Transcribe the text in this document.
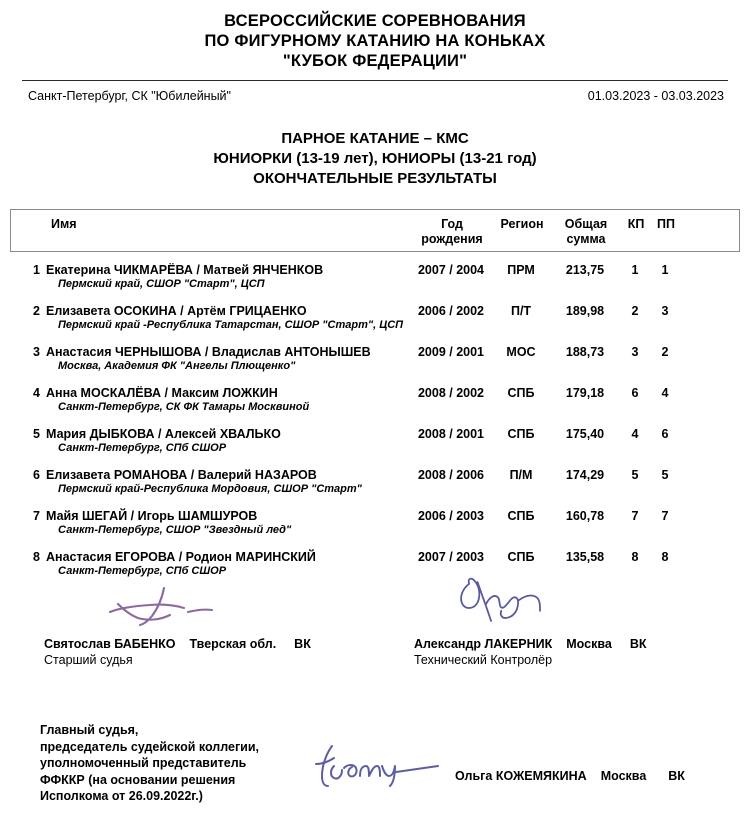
ВСЕРОССИЙСКИЕ СОРЕВНОВАНИЯ
ПО ФИГУРНОМУ КАТАНИЮ НА КОНЬКАХ
"КУБОК ФЕДЕРАЦИИ"
Санкт-Петербург, СК "Юбилейный"	01.03.2023 - 03.03.2023
ПАРНОЕ КАТАНИЕ – КМС
ЮНИОРКИ (13-19 лет), ЮНИОРЫ (13-21 год)
ОКОНЧАТЕЛЬНЫЕ РЕЗУЛЬТАТЫ
Имя	Год
рождения
Регион	Общая
сумма
КП ПП
1 Екатерина ЧИКМАРЁВА / Матвей ЯНЧЕНКОВ
Пермский край, СШОР "Старт", ЦСП
2007 / 2004	ПРМ	213,75	1	1
2 Елизавета ОСОКИНА / Артём ГРИЦАЕНКО
Пермский край -Республика Татарстан, СШОР "Старт", ЦСП
2006 / 2002	П/Т	189,98	2	3
3 Анастасия ЧЕРНЫШОВА / Владислав АНТОНЫШЕВ
Москва, Академия ФК "Ангелы Плющенко"
2009 / 2001	МОС	188,73	3	2
4 Анна МОСКАЛЁВА / Максим ЛОЖКИН
Санкт-Петербург, СК ФК Тамары Москвиной
2008 / 2002	СПБ	179,18	6	4
5 Мария ДЫБКОВА / Алексей ХВАЛЬКО
Санкт-Петербург, СПб СШОР
2008 / 2001	СПБ	175,40	4	6
6 Елизавета РОМАНОВА / Валерий НАЗАРОВ
Пермский край-Республика Мордовия, СШОР "Старт"
2008 / 2006	П/М	174,29	5	5
7 Майя ШЕГАЙ / Игорь ШАМШУРОВ
Санкт-Петербург, СШОР "Звездный лед"
2006 / 2003	СПБ	160,78	7	7
8 Анастасия ЕГОРОВА / Родион МАРИНСКИЙ
Санкт-Петербург, СПб СШОР
2007 / 2003	СПБ	135,58	8	8
Святослав БАБЕНКО Тверская обл. ВК
Старший судья
Александр ЛАКЕРНИК Москва ВК
Технический Контролёр
Главный судья,
председатель судейской коллегии,
уполномоченный представитель
ФФККР (на основании решения
Исполкома от 26.09.2022г.)
Ольга КОЖЕМЯКИНА Москва ВК
